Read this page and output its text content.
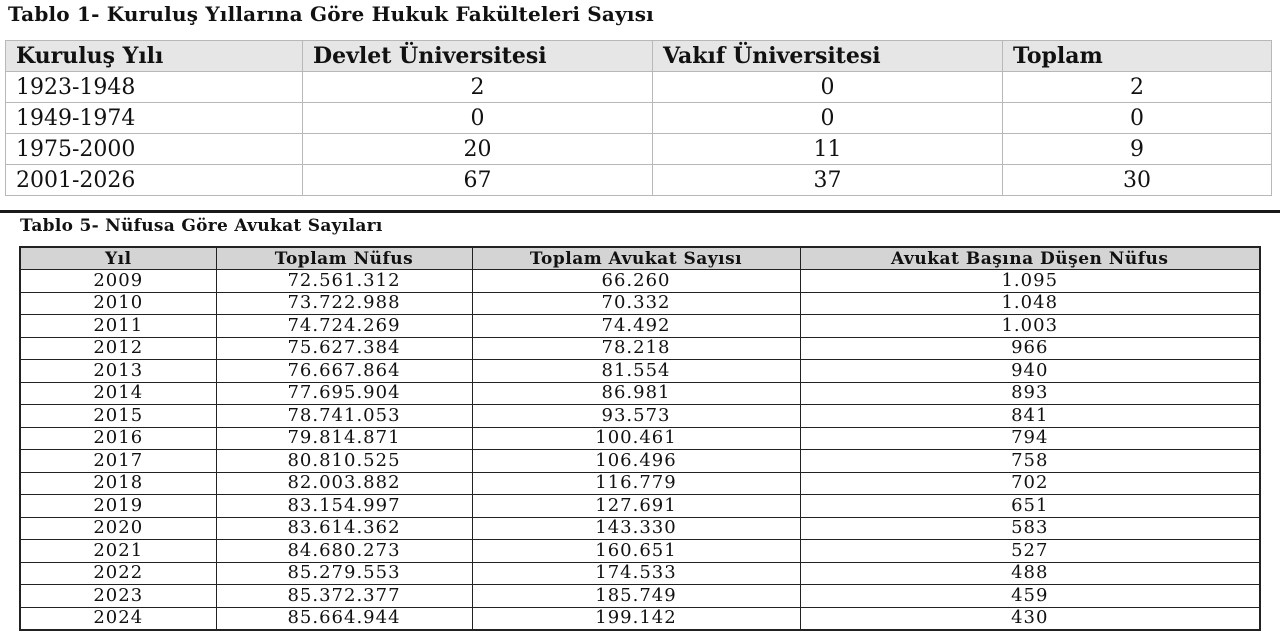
Tablo 1- Kuruluş Yıllarına Göre Hukuk Fakülteleri Sayısı
Kuruluş Yılı	Devlet Üniversitesi	Vakıf Üniversitesi	Toplam
1923-1948	2	0	2
1949-1974	0	0	0
1975-2000	20	11	9
2001-2026	67	37	30
Tablo 5- Nüfusa Göre Avukat Sayıları
Yıl	Toplam Nüfus	Toplam Avukat Sayısı	Avukat Başına Düşen Nüfus
2009	72.561.312	66.260	1.095
2010	73.722.988	70.332	1.048
2011	74.724.269	74.492	1.003
2012	75.627.384	78.218	966
2013	76.667.864	81.554	940
2014	77.695.904	86.981	893
2015	78.741.053	93.573	841
2016	79.814.871	100.461	794
2017	80.810.525	106.496	758
2018	82.003.882	116.779	702
2019	83.154.997	127.691	651
2020	83.614.362	143.330	583
2021	84.680.273	160.651	527
2022	85.279.553	174.533	488
2023	85.372.377	185.749	459
2024	85.664.944	199.142	430
